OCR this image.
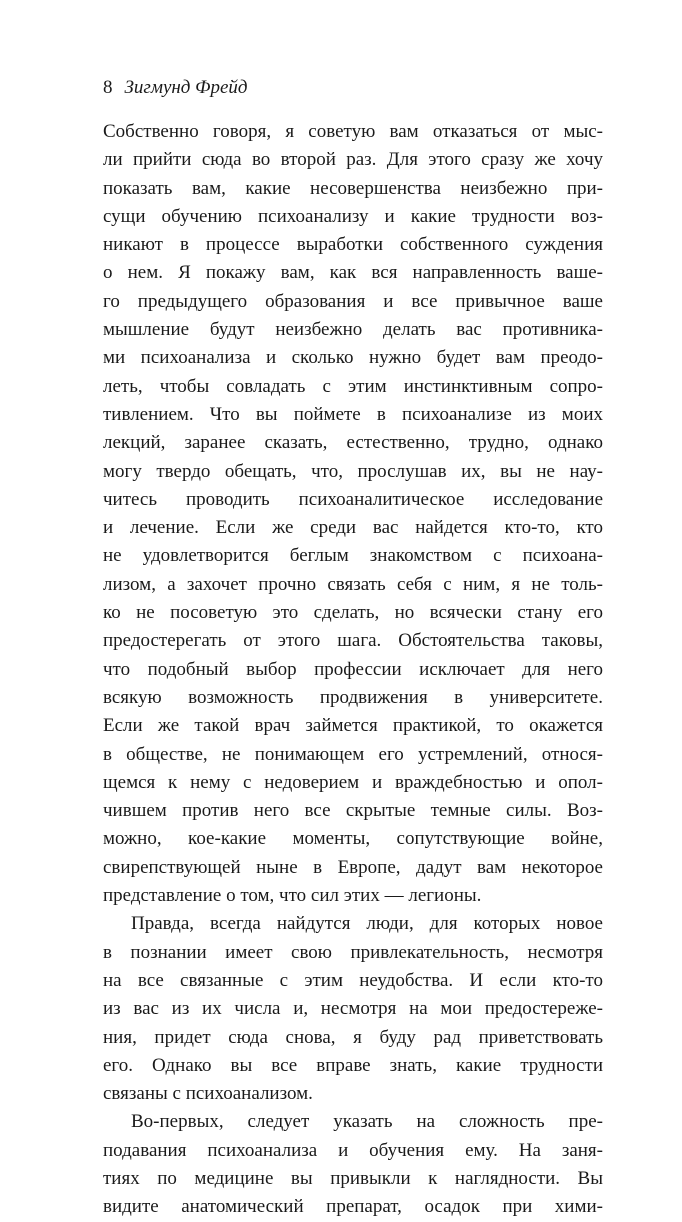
8 Зигмунд Фрейд
Собственно говоря, я советую вам отказаться от мыс-
ли прийти сюда во второй раз. Для этого сразу же хочу
показать вам, какие несовершенства неизбежно при-
сущи обучению психоанализу и какие трудности воз-
никают в процессе выработки собственного суждения
о нем. Я покажу вам, как вся направленность ваше-
го предыдущего образования и все привычное ваше
мышление будут неизбежно делать вас противника-
ми психоанализа и сколько нужно будет вам преодо-
леть, чтобы совладать с этим инстинктивным сопро-
тивлением. Что вы поймете в психоанализе из моих
лекций, заранее сказать, естественно, трудно, однако
могу твердо обещать, что, прослушав их, вы не нау-
читесь проводить психоаналитическое исследование
и лечение. Если же среди вас найдется кто-то, кто
не удовлетворится беглым знакомством с психоана-
лизом, а захочет прочно связать себя с ним, я не толь-
ко не посоветую это сделать, но всячески стану его
предостерегать от этого шага. Обстоятельства таковы,
что подобный выбор профессии исключает для него
всякую возможность продвижения в университете.
Если же такой врач займется практикой, то окажется
в обществе, не понимающем его устремлений, относя-
щемся к нему с недоверием и враждебностью и опол-
чившем против него все скрытые темные силы. Воз-
можно, кое-какие моменты, сопутствующие войне,
свирепствующей ныне в Европе, дадут вам некоторое
представление о том, что сил этих — легионы.
Правда, всегда найдутся люди, для которых новое
в познании имеет свою привлекательность, несмотря
на все связанные с этим неудобства. И если кто-то
из вас из их числа и, несмотря на мои предостереже-
ния, придет сюда снова, я буду рад приветствовать
его. Однако вы все вправе знать, какие трудности
связаны с психоанализом.
Во-первых, следует указать на сложность пре-
подавания психоанализа и обучения ему. На заня-
тиях по медицине вы привыкли к наглядности. Вы
видите анатомический препарат, осадок при хими-
